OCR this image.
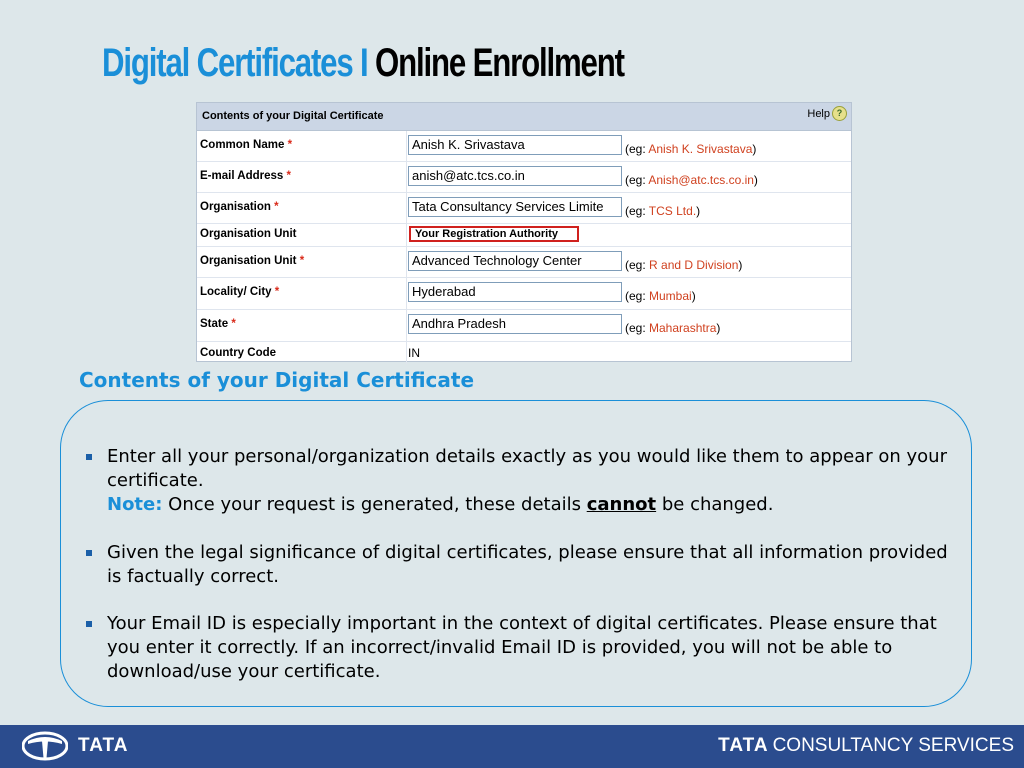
Digital Certificates I Online Enrollment
Contents of your Digital Certificate	Help ?
Common Name *	Anish K. Srivastava	(eg: Anish K. Srivastava)
E-mail Address *	anish@atc.tcs.co.in	(eg: Anish@atc.tcs.co.in)
Organisation *	Tata Consultancy Services Limite	(eg: TCS Ltd.)
Organisation Unit	Your Registration Authority
Organisation Unit *	Advanced Technology Center	(eg: R and D Division)
Locality/ City *	Hyderabad	(eg: Mumbai)
State *	Andhra Pradesh	(eg: Maharashtra)
Country Code	IN
Contents of your Digital Certificate
Enter all your personal/organization details exactly as you would like them to appear on your certificate.
Note: Once your request is generated, these details cannot be changed.
Given the legal significance of digital certificates, please ensure that all information provided is factually correct.
Your Email ID is especially important in the context of digital certificates. Please ensure that you enter it correctly. If an incorrect/invalid Email ID is provided, you will not be able to download/use your certificate.
TATA	TATA CONSULTANCY SERVICES
